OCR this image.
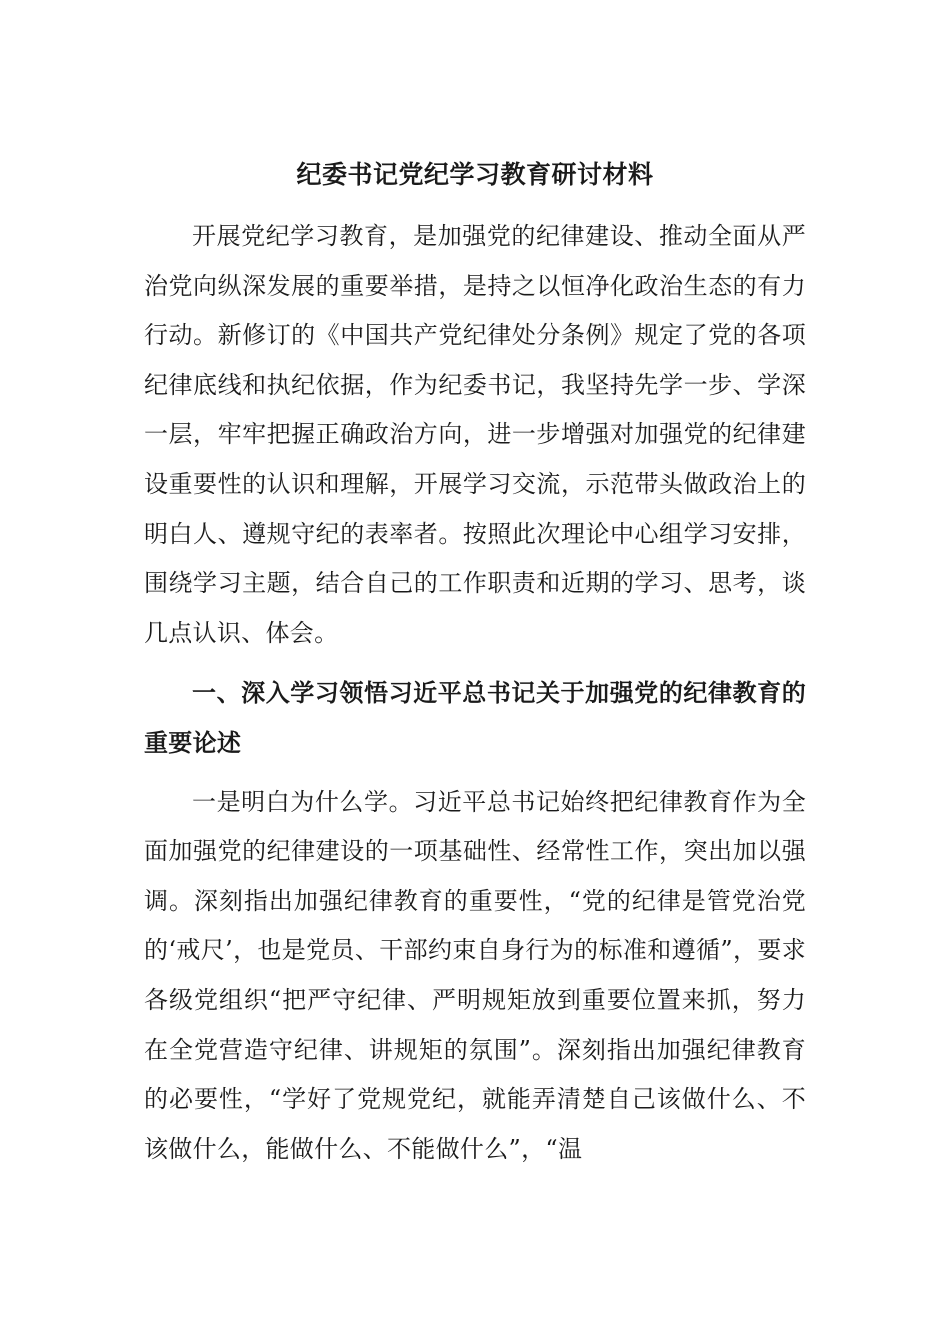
纪委书记党纪学习教育研讨材料

开展党纪学习教育，是加强党的纪律建设、推动全面从严治党向纵深发展的重要举措，是持之以恒净化政治生态的有力行动。新修订的《中国共产党纪律处分条例》规定了党的各项纪律底线和执纪依据，作为纪委书记，我坚持先学一步、学深一层，牢牢把握正确政治方向，进一步增强对加强党的纪律建设重要性的认识和理解，开展学习交流，示范带头做政治上的明白人、遵规守纪的表率者。按照此次理论中心组学习安排，围绕学习主题，结合自己的工作职责和近期的学习、思考，谈几点认识、体会。

一、深入学习领悟习近平总书记关于加强党的纪律教育的重要论述

一是明白为什么学。习近平总书记始终把纪律教育作为全面加强党的纪律建设的一项基础性、经常性工作，突出加以强调。深刻指出加强纪律教育的重要性，“党的纪律是管党治党的‘戒尺’，也是党员、干部约束自身行为的标准和遵循”，要求各级党组织“把严守纪律、严明规矩放到重要位置来抓，努力在全党营造守纪律、讲规矩的氛围”。深刻指出加强纪律教育的必要性，“学好了党规党纪，就能弄清楚自己该做什么、不该做什么，能做什么、不能做什么”，“温
